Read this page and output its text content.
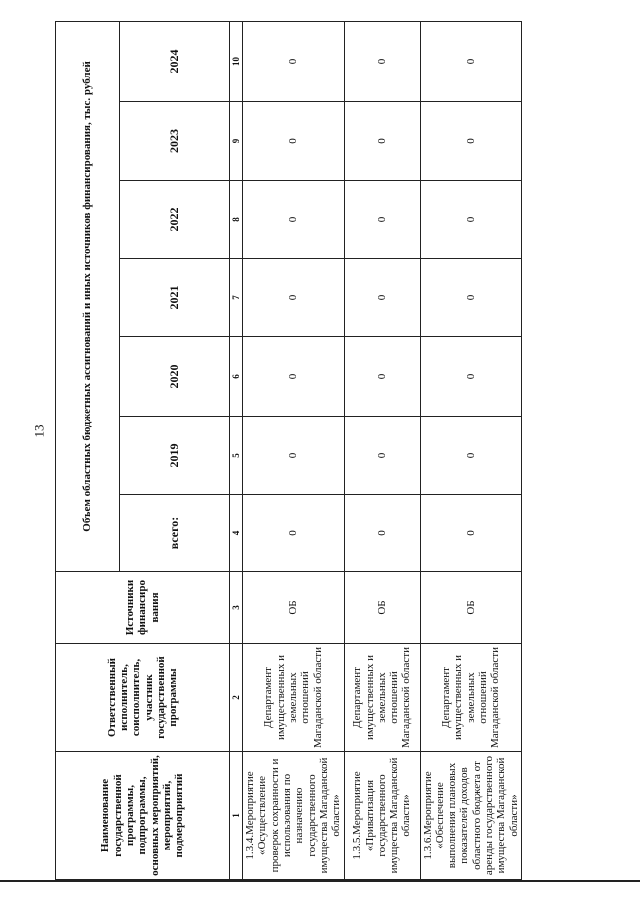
13
Наименование государственной программы, подпрограммы, основных мероприятий, мероприятий, подмероприятий	Ответственный исполнитель, соисполнитель, участник государственной программы	Источники финансиро вания	Объем областных бюджетных ассигнований и иных источников финансирования, тыс. рублей						
			всего:	2019	2020	2021	2022	2023	2024
1	2	3	4	5	6	7	8	9	10
1.3.4.Мероприятие «Осуществление проверок сохранности и использования по назначению государственного имущества Магаданской области»	Департамент имущественных и земельных отношений Магаданской области	ОБ	0	0	0	0	0	0	0
1.3.5.Мероприятие «Приватизация государственного имущества Магаданской области»	Департамент имущественных и земельных отношений Магаданской области	ОБ	0	0	0	0	0	0	0
1.3.6.Мероприятие «Обеспечение выполнения плановых показателей доходов областного бюджета от аренды государственного имущества Магаданской области»	Департамент имущественных и земельных отношений Магаданской области	ОБ	0	0	0	0	0	0	0
